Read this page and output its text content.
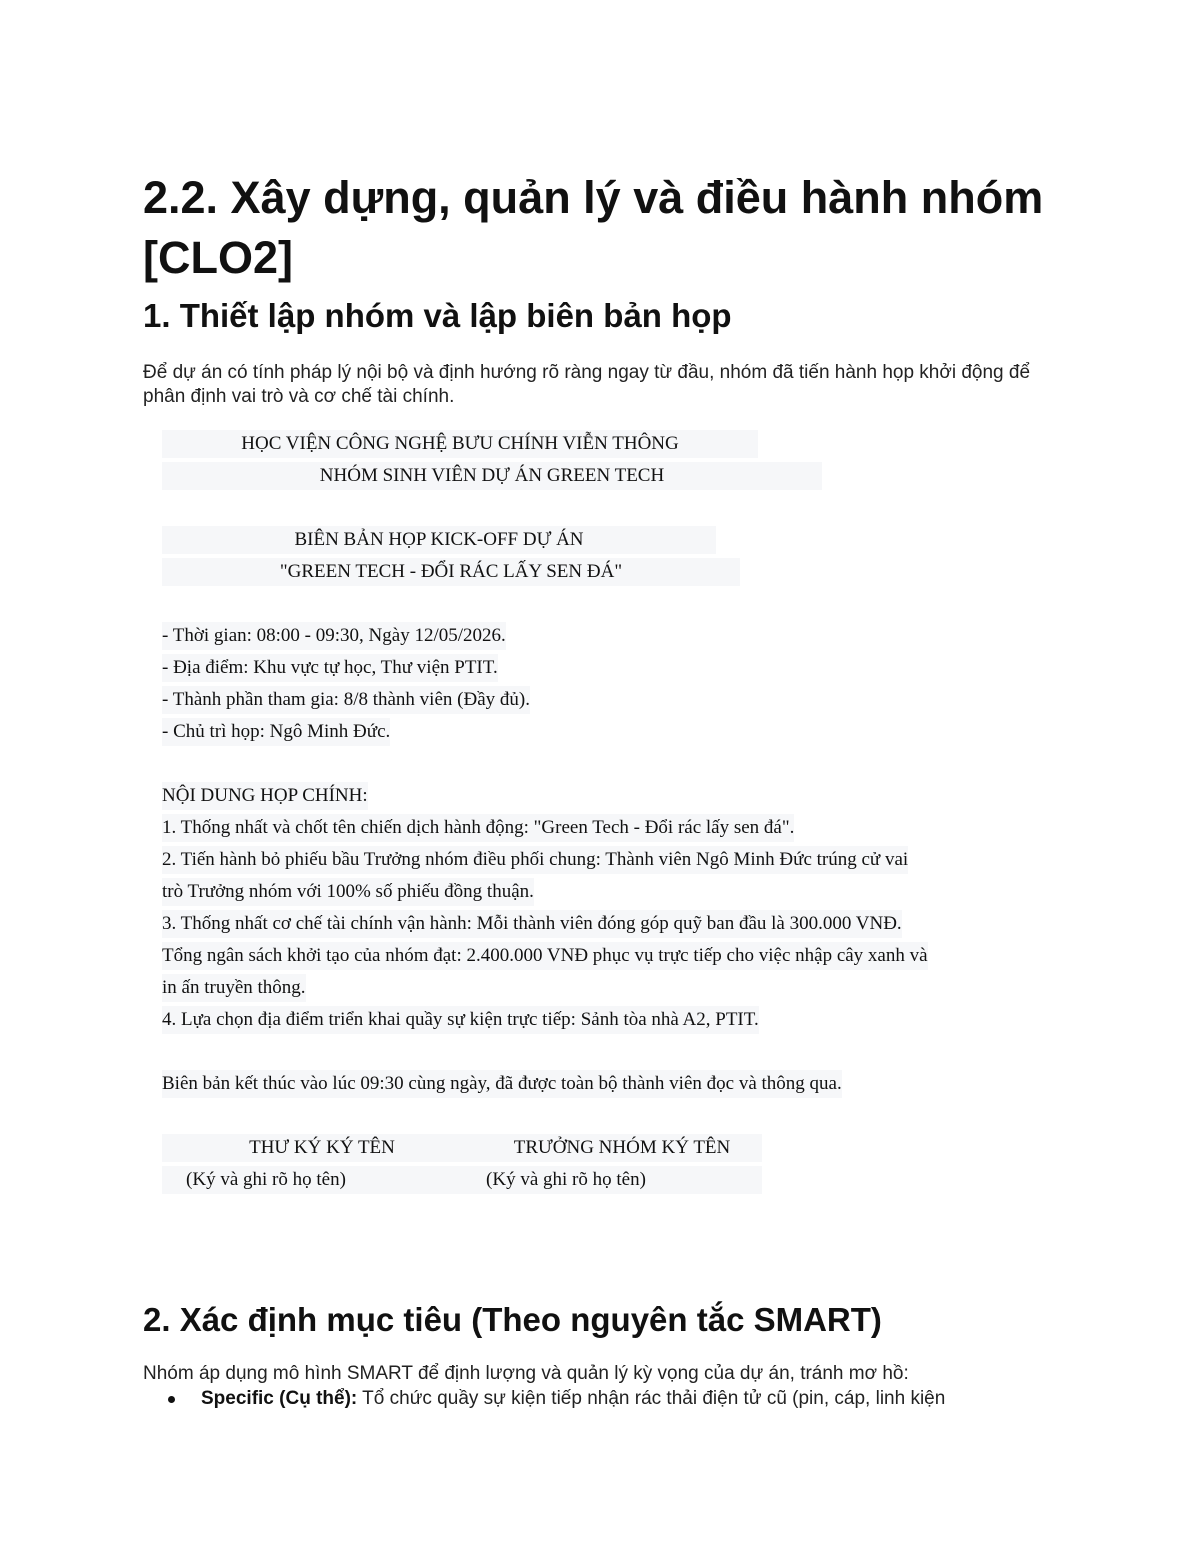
2.2. Xây dựng, quản lý và điều hành nhóm [CLO2]
1. Thiết lập nhóm và lập biên bản họp

Để dự án có tính pháp lý nội bộ và định hướng rõ ràng ngay từ đầu, nhóm đã tiến hành họp khởi động để phân định vai trò và cơ chế tài chính.

HỌC VIỆN CÔNG NGHỆ BƯU CHÍNH VIỄN THÔNG
NHÓM SINH VIÊN DỰ ÁN GREEN TECH
BIÊN BẢN HỌP KICK-OFF DỰ ÁN
"GREEN TECH - ĐỔI RÁC LẤY SEN ĐÁ"
- Thời gian: 08:00 - 09:30, Ngày 12/05/2026.
- Địa điểm: Khu vực tự học, Thư viện PTIT.
- Thành phần tham gia: 8/8 thành viên (Đầy đủ).
- Chủ trì họp: Ngô Minh Đức.
NỘI DUNG HỌP CHÍNH:
1. Thống nhất và chốt tên chiến dịch hành động: "Green Tech - Đổi rác lấy sen đá".
2. Tiến hành bỏ phiếu bầu Trưởng nhóm điều phối chung: Thành viên Ngô Minh Đức trúng cử vai
trò Trưởng nhóm với 100% số phiếu đồng thuận.
3. Thống nhất cơ chế tài chính vận hành: Mỗi thành viên đóng góp quỹ ban đầu là 300.000 VNĐ.
Tổng ngân sách khởi tạo của nhóm đạt: 2.400.000 VNĐ phục vụ trực tiếp cho việc nhập cây xanh và
in ấn truyền thông.
4. Lựa chọn địa điểm triển khai quầy sự kiện trực tiếp: Sảnh tòa nhà A2, PTIT.
Biên bản kết thúc vào lúc 09:30 cùng ngày, đã được toàn bộ thành viên đọc và thông qua.
THƯ KÝ KÝ TÊN	TRƯỞNG NHÓM KÝ TÊN
(Ký và ghi rõ họ tên)	(Ký và ghi rõ họ tên)
2. Xác định mục tiêu (Theo nguyên tắc SMART)

Nhóm áp dụng mô hình SMART để định lượng và quản lý kỳ vọng của dự án, tránh mơ hồ:

Specific (Cụ thể): Tổ chức quầy sự kiện tiếp nhận rác thải điện tử cũ (pin, cáp, linh kiện
